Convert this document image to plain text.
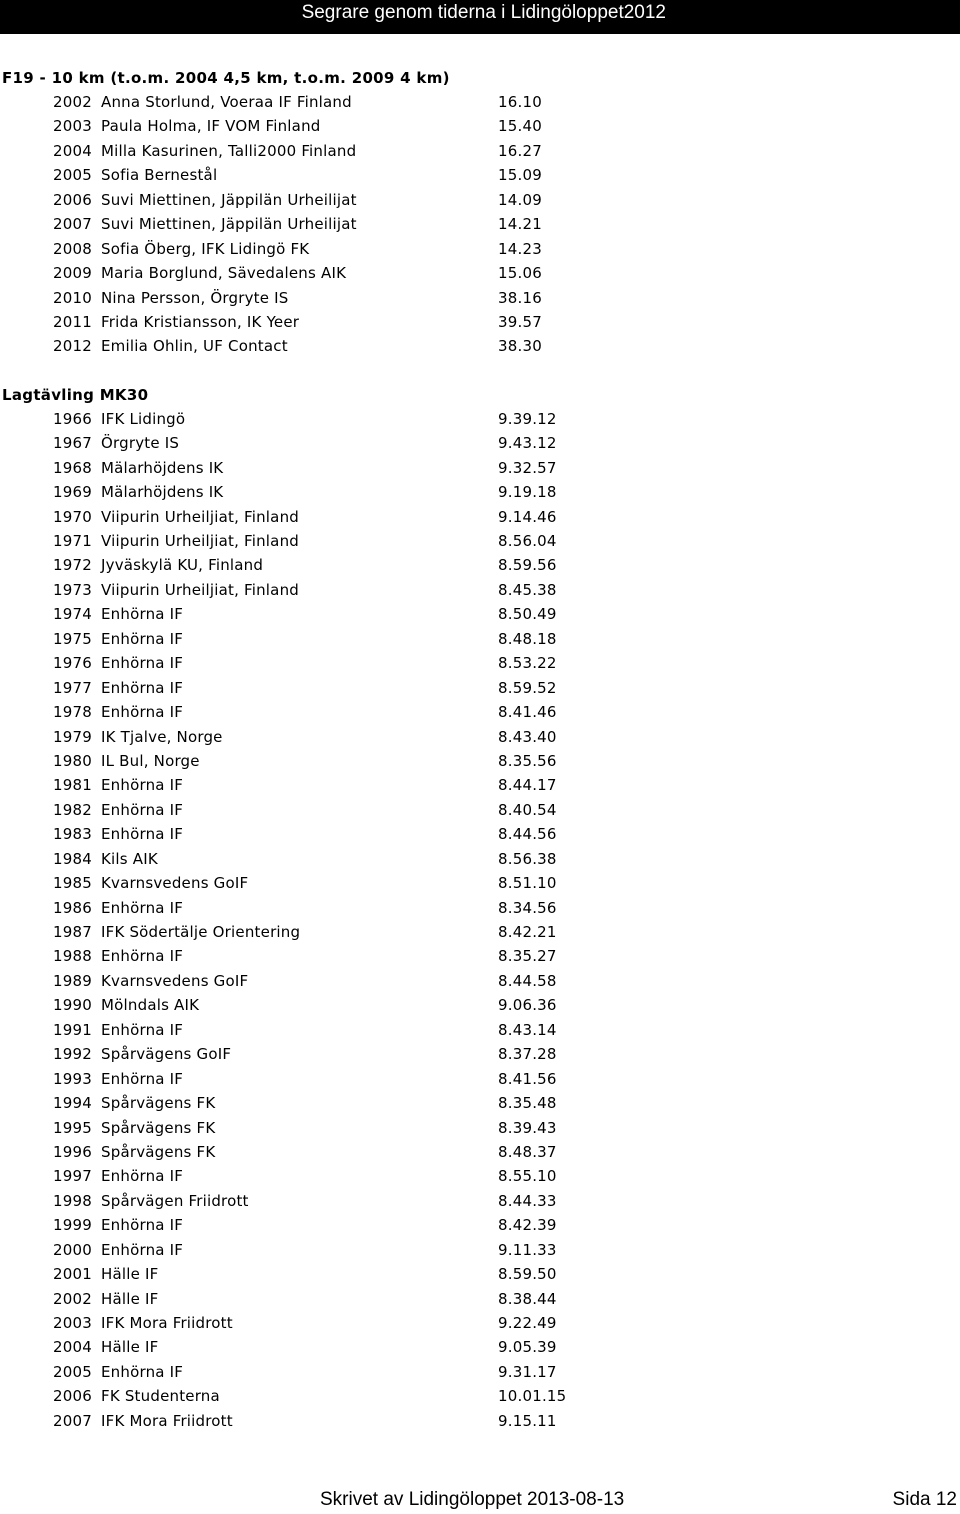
Segrare genom tiderna i Lidingöloppet2012
F19 - 10 km (t.o.m. 2004 4,5 km, t.o.m. 2009 4 km)
2002 Anna Storlund, Voeraa IF Finland	16.10
2003 Paula Holma, IF VOM Finland	15.40
2004 Milla Kasurinen, Talli2000 Finland	16.27
2005 Sofia Bernestål	15.09
2006 Suvi Miettinen, Jäppilän Urheilijat	14.09
2007 Suvi Miettinen, Jäppilän Urheilijat	14.21
2008 Sofia Öberg, IFK Lidingö FK	14.23
2009 Maria Borglund, Sävedalens AIK	15.06
2010 Nina Persson, Örgryte IS	38.16
2011 Frida Kristiansson, IK Yeer	39.57
2012 Emilia Ohlin, UF Contact	38.30
Lagtävling MK30
1966 IFK Lidingö	9.39.12
1967 Örgryte IS	9.43.12
1968 Mälarhöjdens IK	9.32.57
1969 Mälarhöjdens IK	9.19.18
1970 Viipurin Urheiljiat, Finland	9.14.46
1971 Viipurin Urheiljiat, Finland	8.56.04
1972 Jyväskylä KU, Finland	8.59.56
1973 Viipurin Urheiljiat, Finland	8.45.38
1974 Enhörna IF	8.50.49
1975 Enhörna IF	8.48.18
1976 Enhörna IF	8.53.22
1977 Enhörna IF	8.59.52
1978 Enhörna IF	8.41.46
1979 IK Tjalve, Norge	8.43.40
1980 IL Bul, Norge	8.35.56
1981 Enhörna IF	8.44.17
1982 Enhörna IF	8.40.54
1983 Enhörna IF	8.44.56
1984 Kils AIK	8.56.38
1985 Kvarnsvedens GoIF	8.51.10
1986 Enhörna IF	8.34.56
1987 IFK Södertälje Orientering	8.42.21
1988 Enhörna IF	8.35.27
1989 Kvarnsvedens GoIF	8.44.58
1990 Mölndals AIK	9.06.36
1991 Enhörna IF	8.43.14
1992 Spårvägens GoIF	8.37.28
1993 Enhörna IF	8.41.56
1994 Spårvägens FK	8.35.48
1995 Spårvägens FK	8.39.43
1996 Spårvägens FK	8.48.37
1997 Enhörna IF	8.55.10
1998 Spårvägen Friidrott	8.44.33
1999 Enhörna IF	8.42.39
2000 Enhörna IF	9.11.33
2001 Hälle IF	8.59.50
2002 Hälle IF	8.38.44
2003 IFK Mora Friidrott	9.22.49
2004 Hälle IF	9.05.39
2005 Enhörna IF	9.31.17
2006 FK Studenterna	10.01.15
2007 IFK Mora Friidrott	9.15.11
Skrivet av Lidingöloppet 2013-08-13	Sida 12
